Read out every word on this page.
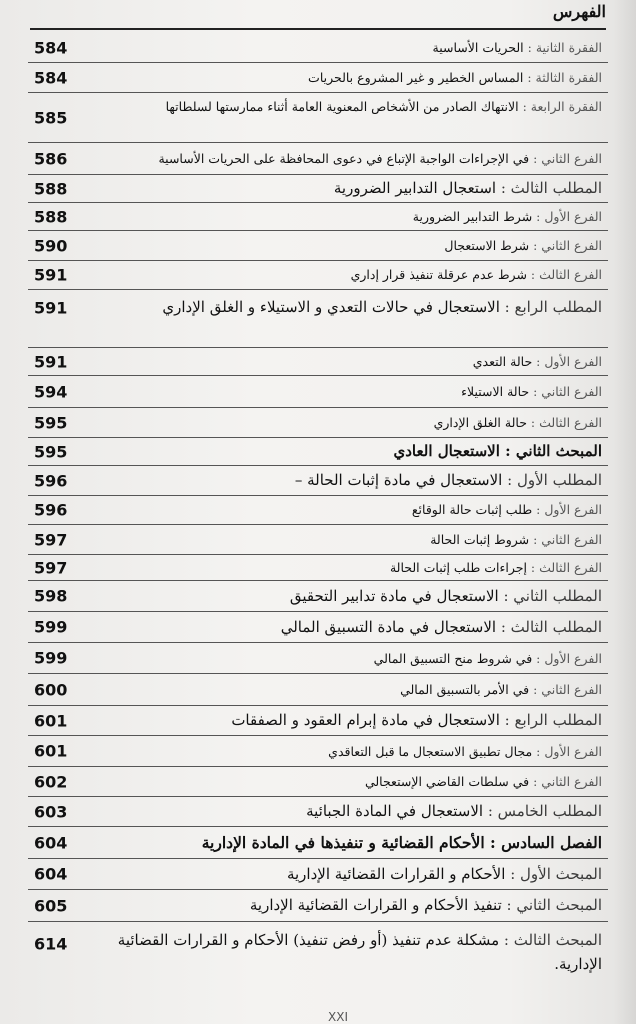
الفهرس
الفقرة الثانية : الحريات الأساسية
584
الفقرة الثالثة : المساس الخطير و غير المشروع بالحريات
584
الفقرة الرابعة : الانتهاك الصادر من الأشخاص المعنوية العامة أثناء ممارستها لسلطاتها
585
الفرع الثاني : في الإجراءات الواجبة الإتباع في دعوى المحافظة على الحريات الأساسية
586
المطلب الثالث : استعجال التدابير الضرورية
588
الفرع الأول : شرط التدابير الضرورية
588
الفرع الثاني : شرط الاستعجال
590
الفرع الثالث : شرط عدم عرقلة تنفيذ قرار إداري
591
المطلب الرابع : الاستعجال في حالات التعدي و الاستيلاء و الغلق الإداري
591
الفرع الأول : حالة التعدي
591
الفرع الثاني : حالة الاستيلاء
594
الفرع الثالث : حالة الغلق الإداري
595
المبحث الثاني : الاستعجال العادي
595
المطلب الأول : الاستعجال في مادة إثبات الحالة –
596
الفرع الأول : طلب إثبات حالة الوقائع
596
الفرع الثاني : شروط إثبات الحالة
597
الفرع الثالث : إجراءات طلب إثبات الحالة
597
المطلب الثاني : الاستعجال في مادة تدابير التحقيق
598
المطلب الثالث : الاستعجال في مادة التسبيق المالي
599
الفرع الأول : في شروط منح التسبيق المالي
599
الفرع الثاني : في الأمر بالتسبيق المالي
600
المطلب الرابع : الاستعجال في مادة إبرام العقود و الصفقات
601
الفرع الأول : مجال تطبيق الاستعجال ما قبل التعاقدي
601
الفرع الثاني : في سلطات القاضي الإستعجالي
602
المطلب الخامس : الاستعجال في المادة الجبائية
603
الفصل السادس : الأحكام القضائية و تنفيذها في المادة الإدارية
604
المبحث الأول : الأحكام و القرارات القضائية الإدارية
604
المبحث الثاني : تنفيذ الأحكام و القرارات القضائية الإدارية
605
المبحث الثالث : مشكلة عدم تنفيذ (أو رفض تنفيذ) الأحكام و القرارات القضائية الإدارية.
614
XXI
